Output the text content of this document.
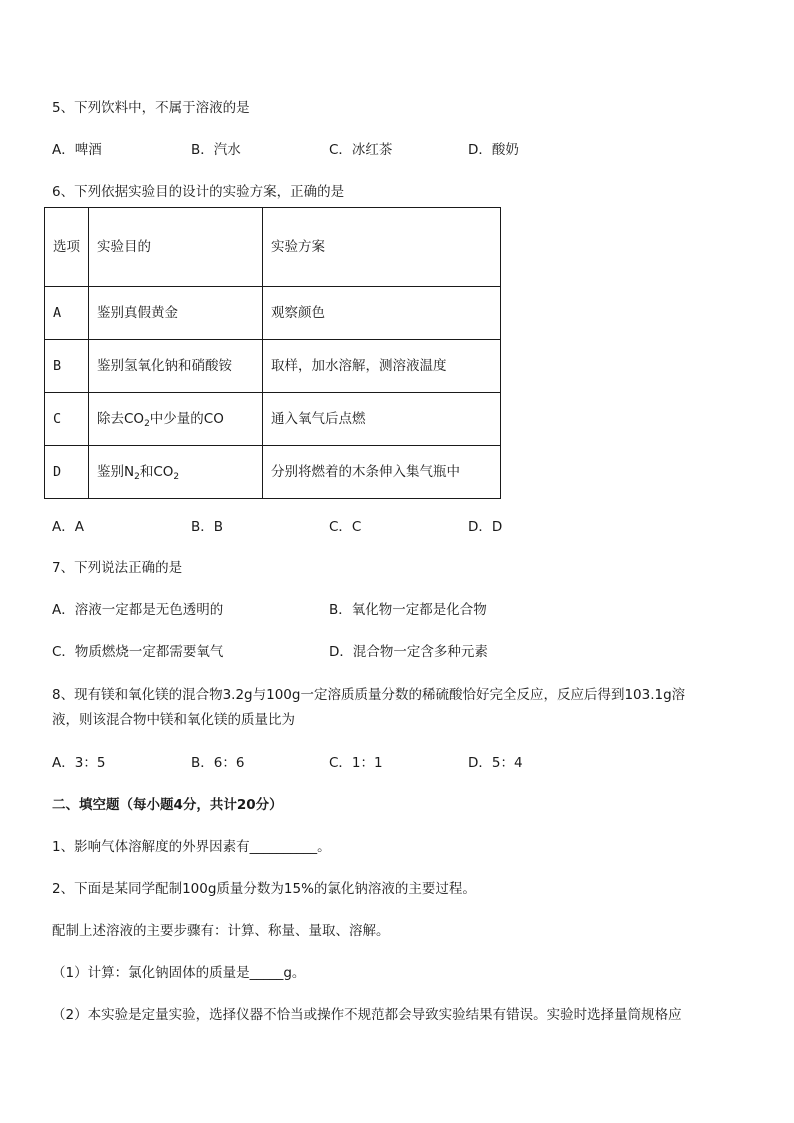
5、下列饮料中，不属于溶液的是
A．啤酒	B．汽水	C．冰红茶	D．酸奶
6、下列依据实验目的设计的实验方案，正确的是
选项	实验目的	实验方案
A	鉴别真假黄金	观察颜色
B	鉴别氢氧化钠和硝酸铵	取样，加水溶解，测溶液温度
C	除去$CO_2$中少量的CO	通入氧气后点燃
D	鉴别$N_2$和$CO_2$	分别将燃着的木条伸入集气瓶中
A．A	B．B	C．C	D．D
7、下列说法正确的是
A．溶液一定都是无色透明的	B．氧化物一定都是化合物
C．物质燃烧一定都需要氧气	D．混合物一定含多种元素
8、现有镁和氧化镁的混合物3.2g与100g一定溶质质量分数的稀硫酸恰好完全反应，反应后得到103.1g溶
液，则该混合物中镁和氧化镁的质量比为
A．3：5	B．6：6	C．1：1	D．5：4
二、填空题（每小题4分，共计20分）
1、影响气体溶解度的外界因素有__________。
2、下面是某同学配制100g质量分数为15%的氯化钠溶液的主要过程。
配制上述溶液的主要步骤有：计算、称量、量取、溶解。
（1）计算：氯化钠固体的质量是_____g。
（2）本实验是定量实验，选择仪器不恰当或操作不规范都会导致实验结果有错误。实验时选择量筒规格应
